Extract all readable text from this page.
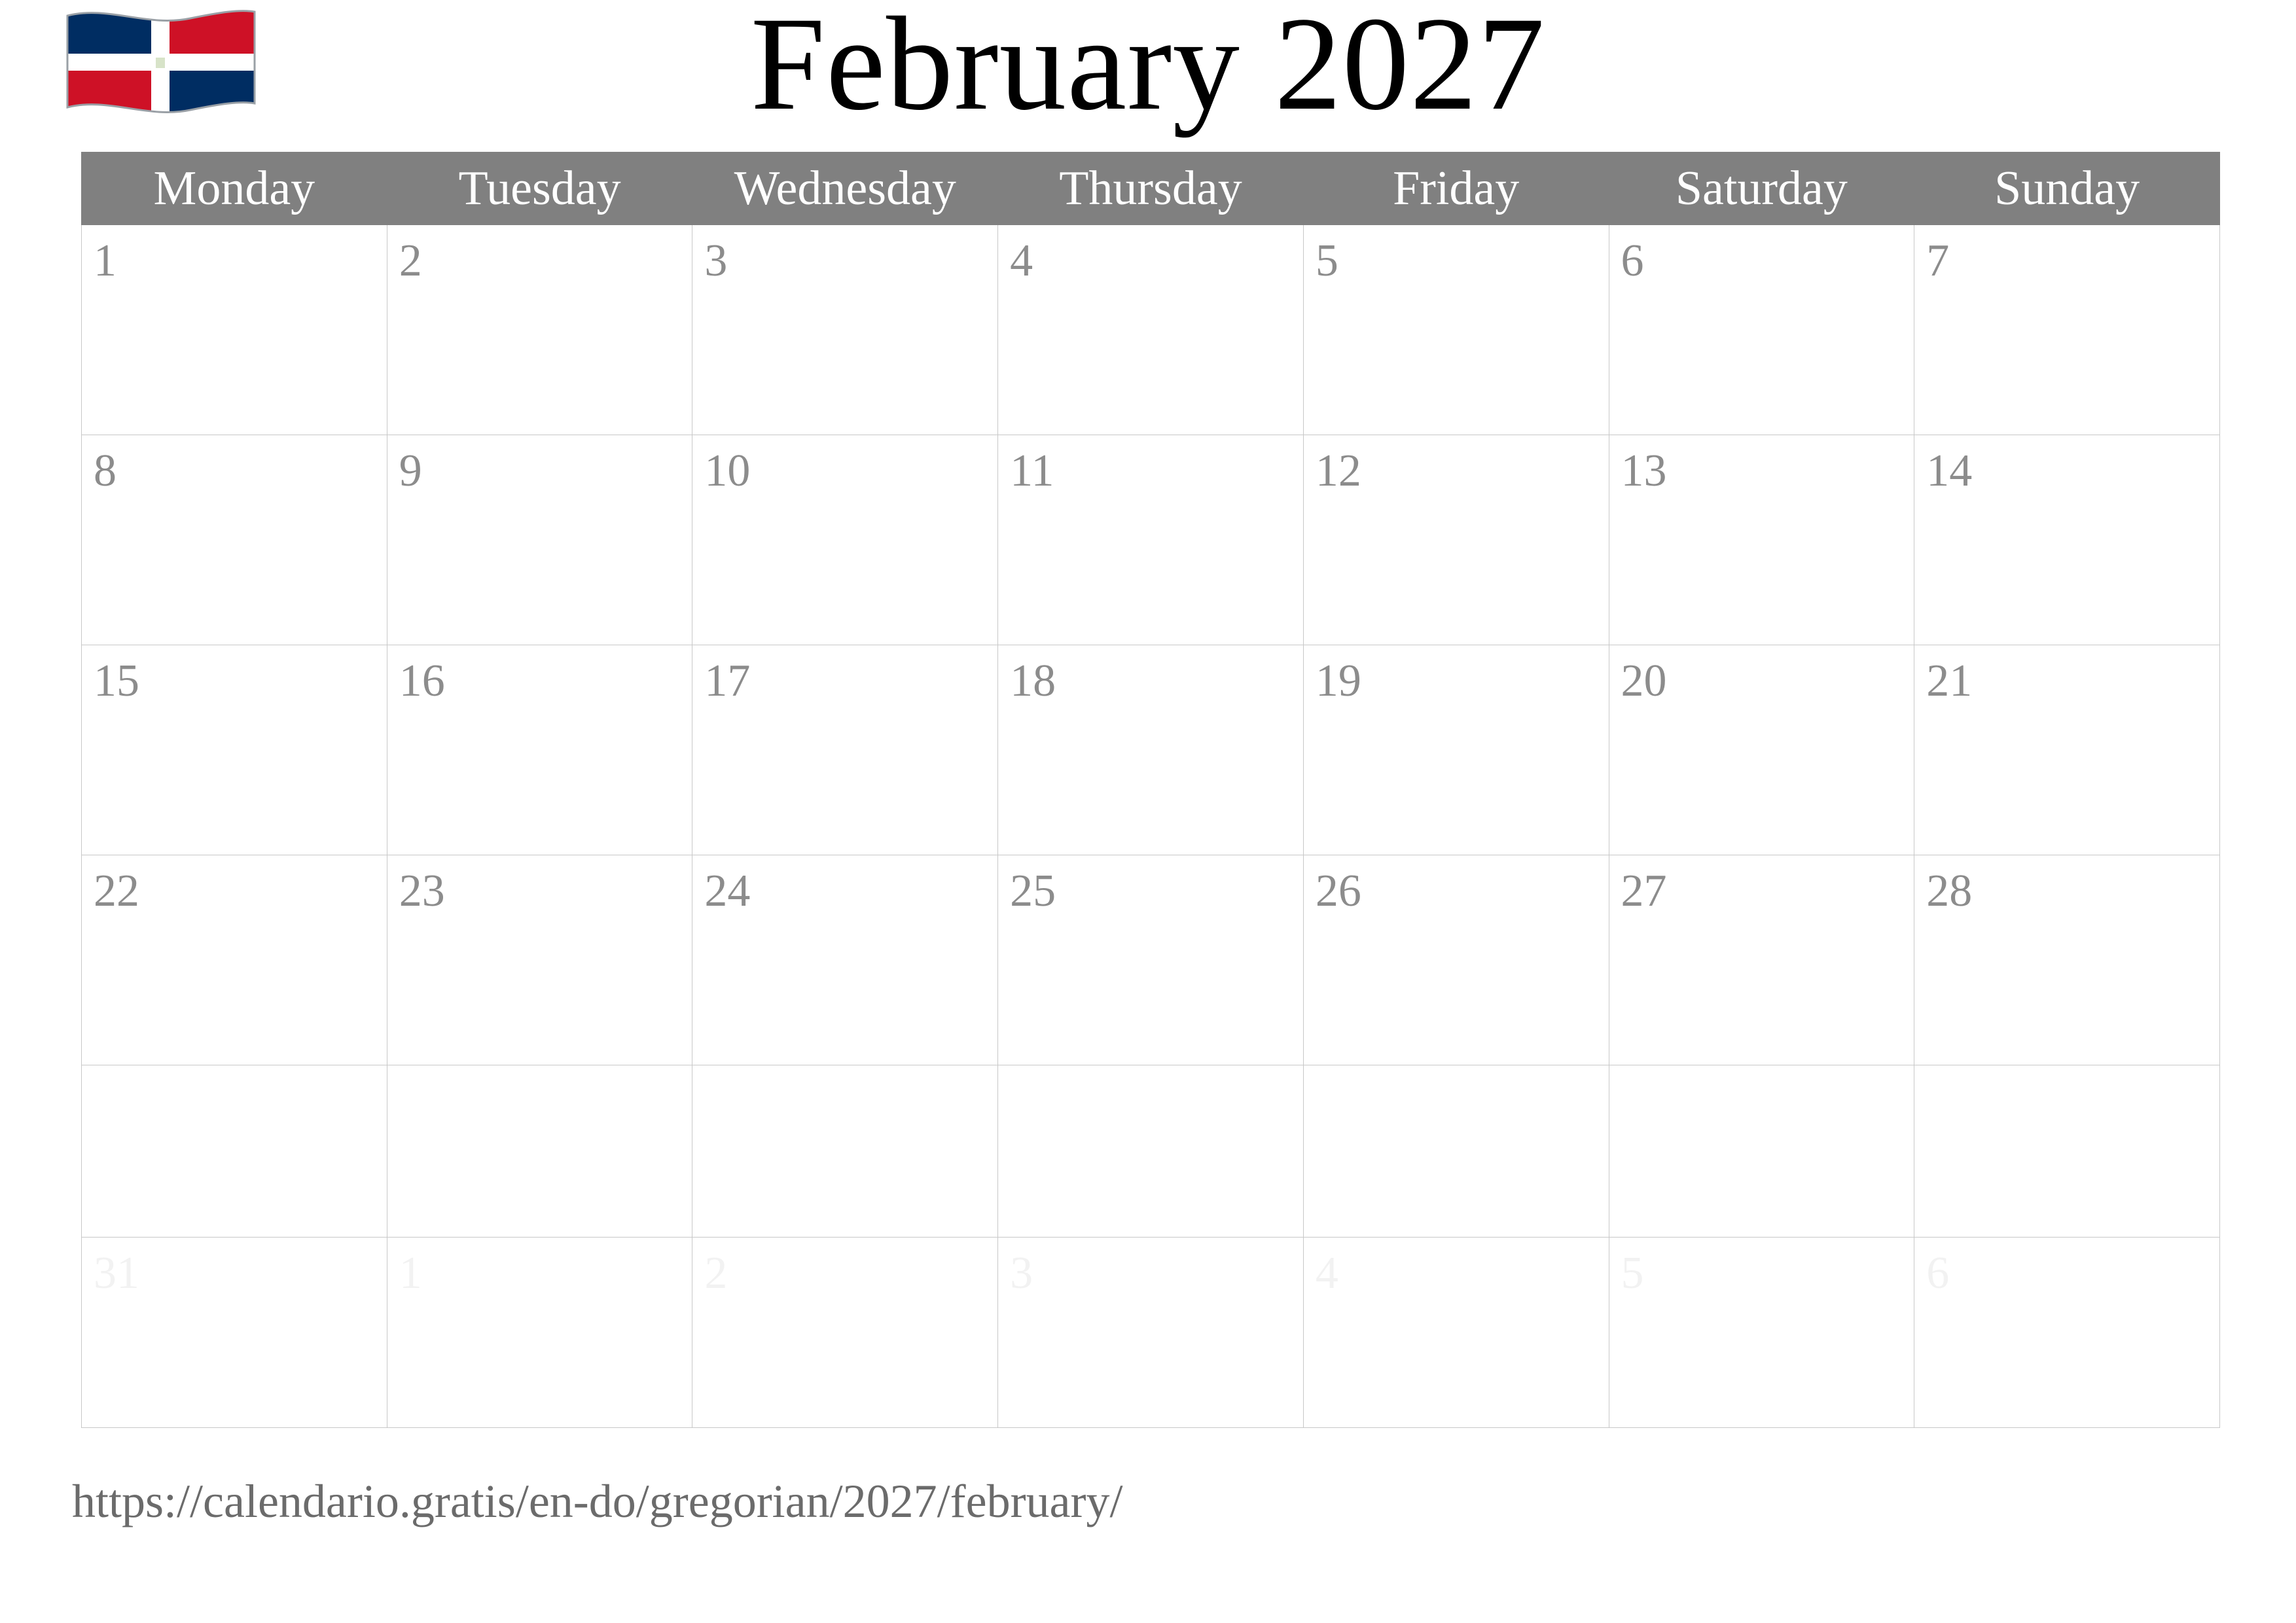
February 2027
Monday	Tuesday	Wednesday	Thursday	Friday	Saturday	Sunday

1	2	3	4	5	6	7

8	9	10	11	12	13	14

15	16	17	18	19	20	21

22	23	24	25	26	27	28

31	1	2	3	4	5	6
https://calendario.gratis/en-do/gregorian/2027/february/
